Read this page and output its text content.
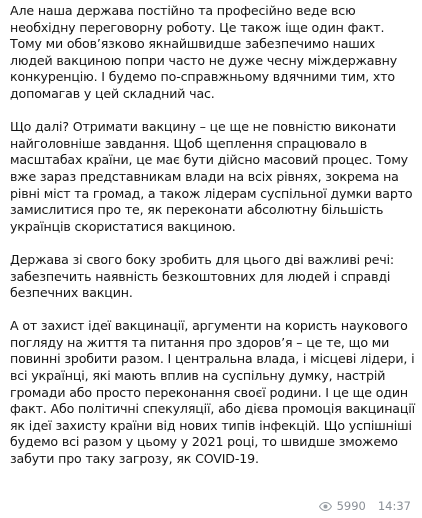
Але наша держава постійно та професійно веде всю необхідну переговорну роботу. Це також іще один факт. Тому ми обов’язково якнайшвидше забезпечимо наших людей вакциною попри часто не дуже чесну міждержавну конкуренцію. І будемо по-справжньому вдячними тим, хто допомагав у цей складний час.

Що далі? Отримати вакцину – це ще не повністю виконати найголовніше завдання. Щоб щеплення спрацювало в масштабах країни, це має бути дійсно масовий процес. Тому вже зараз представникам влади на всіх рівнях, зокрема на рівні міст та громад, а також лідерам суспільної думки варто замислитися про те, як переконати абсолютну більшість українців скористатися вакциною.

Держава зі свого боку зробить для цього дві важливі речі: забезпечить наявність безкоштовних для людей і справді безпечних вакцин.

А от захист ідеї вакцинації, аргументи на користь наукового погляду на життя та питання про здоров’я – це те, що ми повинні зробити разом. І центральна влада, і місцеві лідери, і всі українці, які мають вплив на суспільну думку, настрій громади або просто переконання своєї родини. І це ще один факт. Або політичні спекуляції, або дієва промоція вакцинації як ідеї захисту країни від нових типів інфекцій. Що успішніші будемо всі разом у цьому у 2021 році, то швидше зможемо забути про таку загрозу, як COVID-19.

5990 14:37
